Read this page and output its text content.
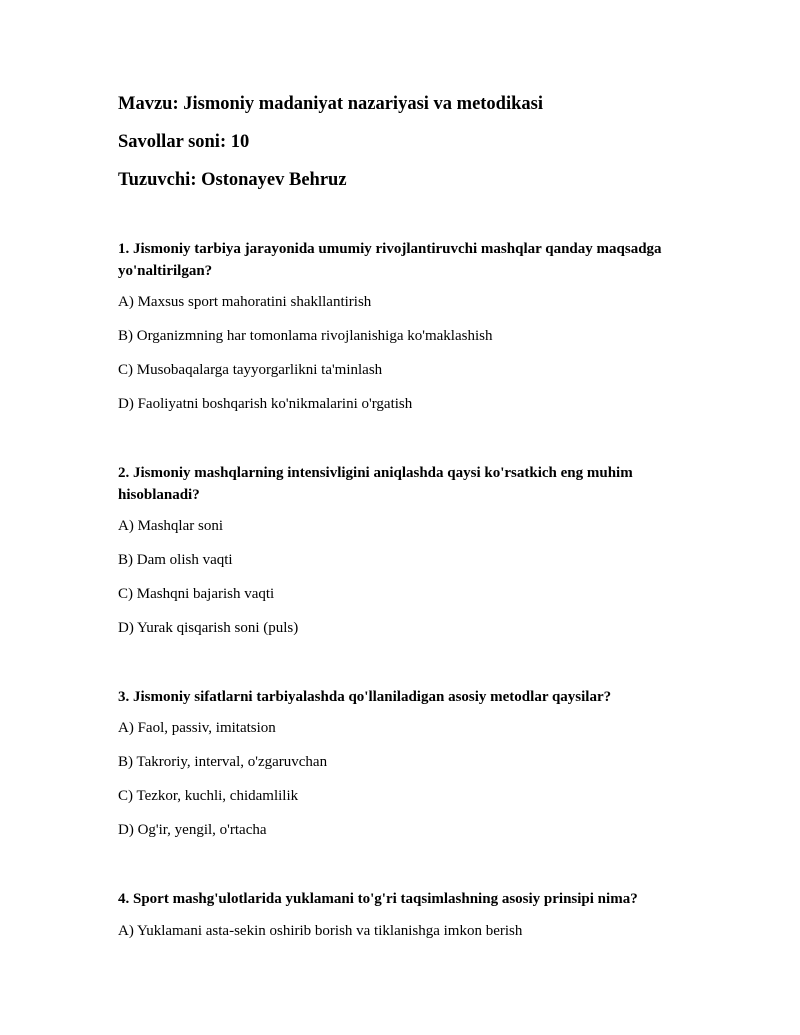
Mavzu: Jismoniy madaniyat nazariyasi va metodikasi
Savollar soni: 10
Tuzuvchi: Ostonayev Behruz
1. Jismoniy tarbiya jarayonida umumiy rivojlantiruvchi mashqlar qanday maqsadga yo'naltirilgan?
A) Maxsus sport mahoratini shakllantirish
B) Organizmning har tomonlama rivojlanishiga ko'maklashish
C) Musobaqalarga tayyorgarlikni ta'minlash
D) Faoliyatni boshqarish ko'nikmalarini o'rgatish
2. Jismoniy mashqlarning intensivligini aniqlashda qaysi ko'rsatkich eng muhim hisoblanadi?
A) Mashqlar soni
B) Dam olish vaqti
C) Mashqni bajarish vaqti
D) Yurak qisqarish soni (puls)
3. Jismoniy sifatlarni tarbiyalashda qo'llaniladigan asosiy metodlar qaysilar?
A) Faol, passiv, imitatsion
B) Takroriy, interval, o'zgaruvchan
C) Tezkor, kuchli, chidamlilik
D) Og'ir, yengil, o'rtacha
4. Sport mashg'ulotlarida yuklamani to'g'ri taqsimlashning asosiy prinsipi nima?
A) Yuklamani asta-sekin oshirib borish va tiklanishga imkon berish
